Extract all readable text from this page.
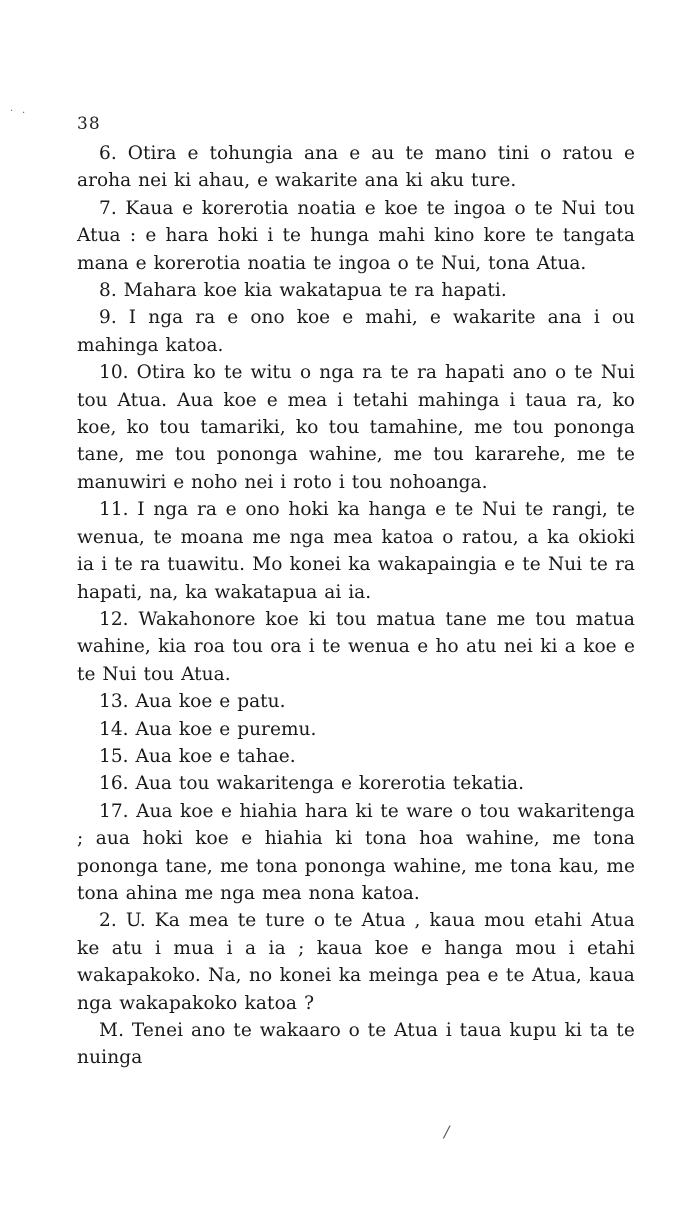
· ·
38

6. Otira e tohungia ana e au te mano tini o ratou e aroha nei ki ahau, e wakarite ana ki aku ture.

7. Kaua e korerotia noatia e koe te ingoa o te Nui tou Atua : e hara hoki i te hunga mahi kino kore te tangata mana e korerotia noatia te ingoa o te Nui, tona Atua.

8. Mahara koe kia wakatapua te ra hapati.

9. I nga ra e ono koe e mahi, e wakarite ana i ou mahinga katoa.

10. Otira ko te witu o nga ra te ra hapati ano o te Nui tou Atua. Aua koe e mea i tetahi mahinga i taua ra, ko koe, ko tou tamariki, ko tou tamahine, me tou pononga tane, me tou pononga wahine, me tou kararehe, me te manuwiri e noho nei i roto i tou nohoanga.

11. I nga ra e ono hoki ka hanga e te Nui te rangi, te wenua, te moana me nga mea katoa o ratou, a ka okioki ia i te ra tuawitu. Mo konei ka wakapaingia e te Nui te ra hapati, na, ka wakatapua ai ia.

12. Wakahonore koe ki tou matua tane me tou matua wahine, kia roa tou ora i te wenua e ho atu nei ki a koe e te Nui tou Atua.

13. Aua koe e patu.

14. Aua koe e puremu.

15. Aua koe e tahae.

16. Aua tou wakaritenga e korerotia tekatia.

17. Aua koe e hiahia hara ki te ware o tou wakaritenga ; aua hoki koe e hiahia ki tona hoa wahine, me tona pononga tane, me tona pononga wahine, me tona kau, me tona ahina me nga mea nona katoa.

2. U. Ka mea te ture o te Atua , kaua mou etahi Atua ke atu i mua i a ia ; kaua koe e hanga mou i etahi wakapakoko. Na, no konei ka meinga pea e te Atua, kaua nga wakapakoko katoa ?

M. Tenei ano te wakaaro o te Atua i taua kupu ki ta te nuinga

/
